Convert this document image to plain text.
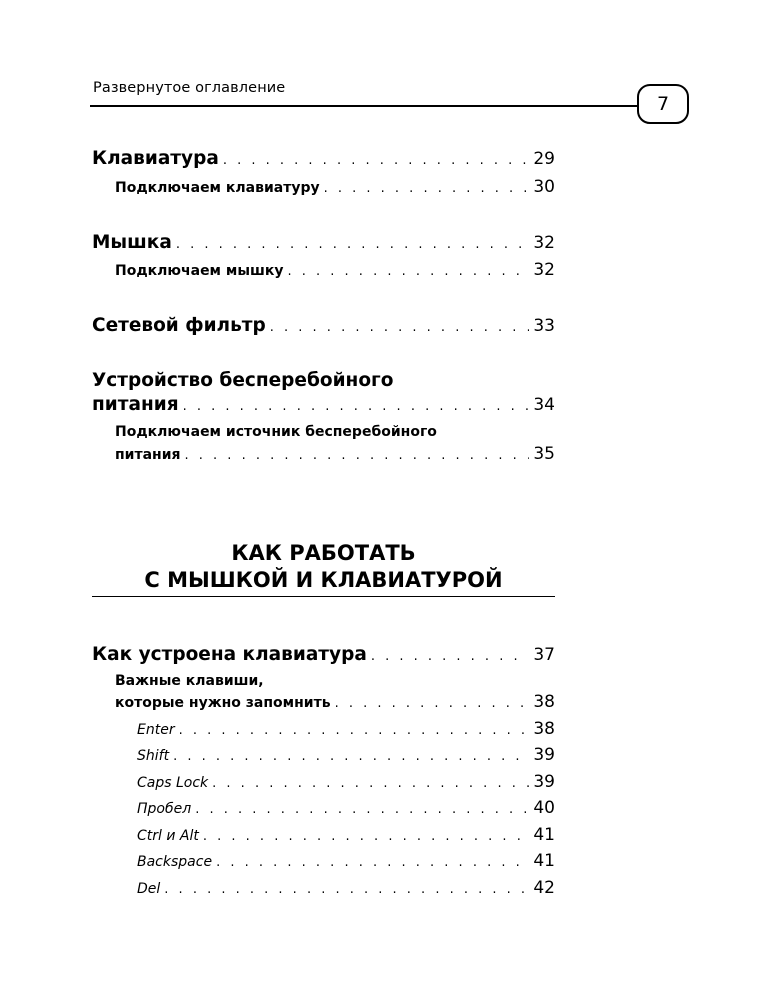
Развернутое оглавление
7
Клавиатура . . .	29
Подключаем клавиатуру . . .	30
Мышка . . .	32
Подключаем мышку . . .	32
Сетевой фильтр . . .	33
Устройство бесперебойного
питания . . .	34
Подключаем источник бесперебойного
питания . . .	35
КАК РАБОТАТЬ
С МЫШКОЙ И КЛАВИАТУРОЙ
Как устроена клавиатура . . .	37
Важные клавиши,
которые нужно запомнить . . .	38
Enter . . .	38
Shift . . .	39
Caps Lock . . .	39
Пробел . . .	40
Ctrl и Alt . . .	41
Backspace . . .	41
Del . . .	42
